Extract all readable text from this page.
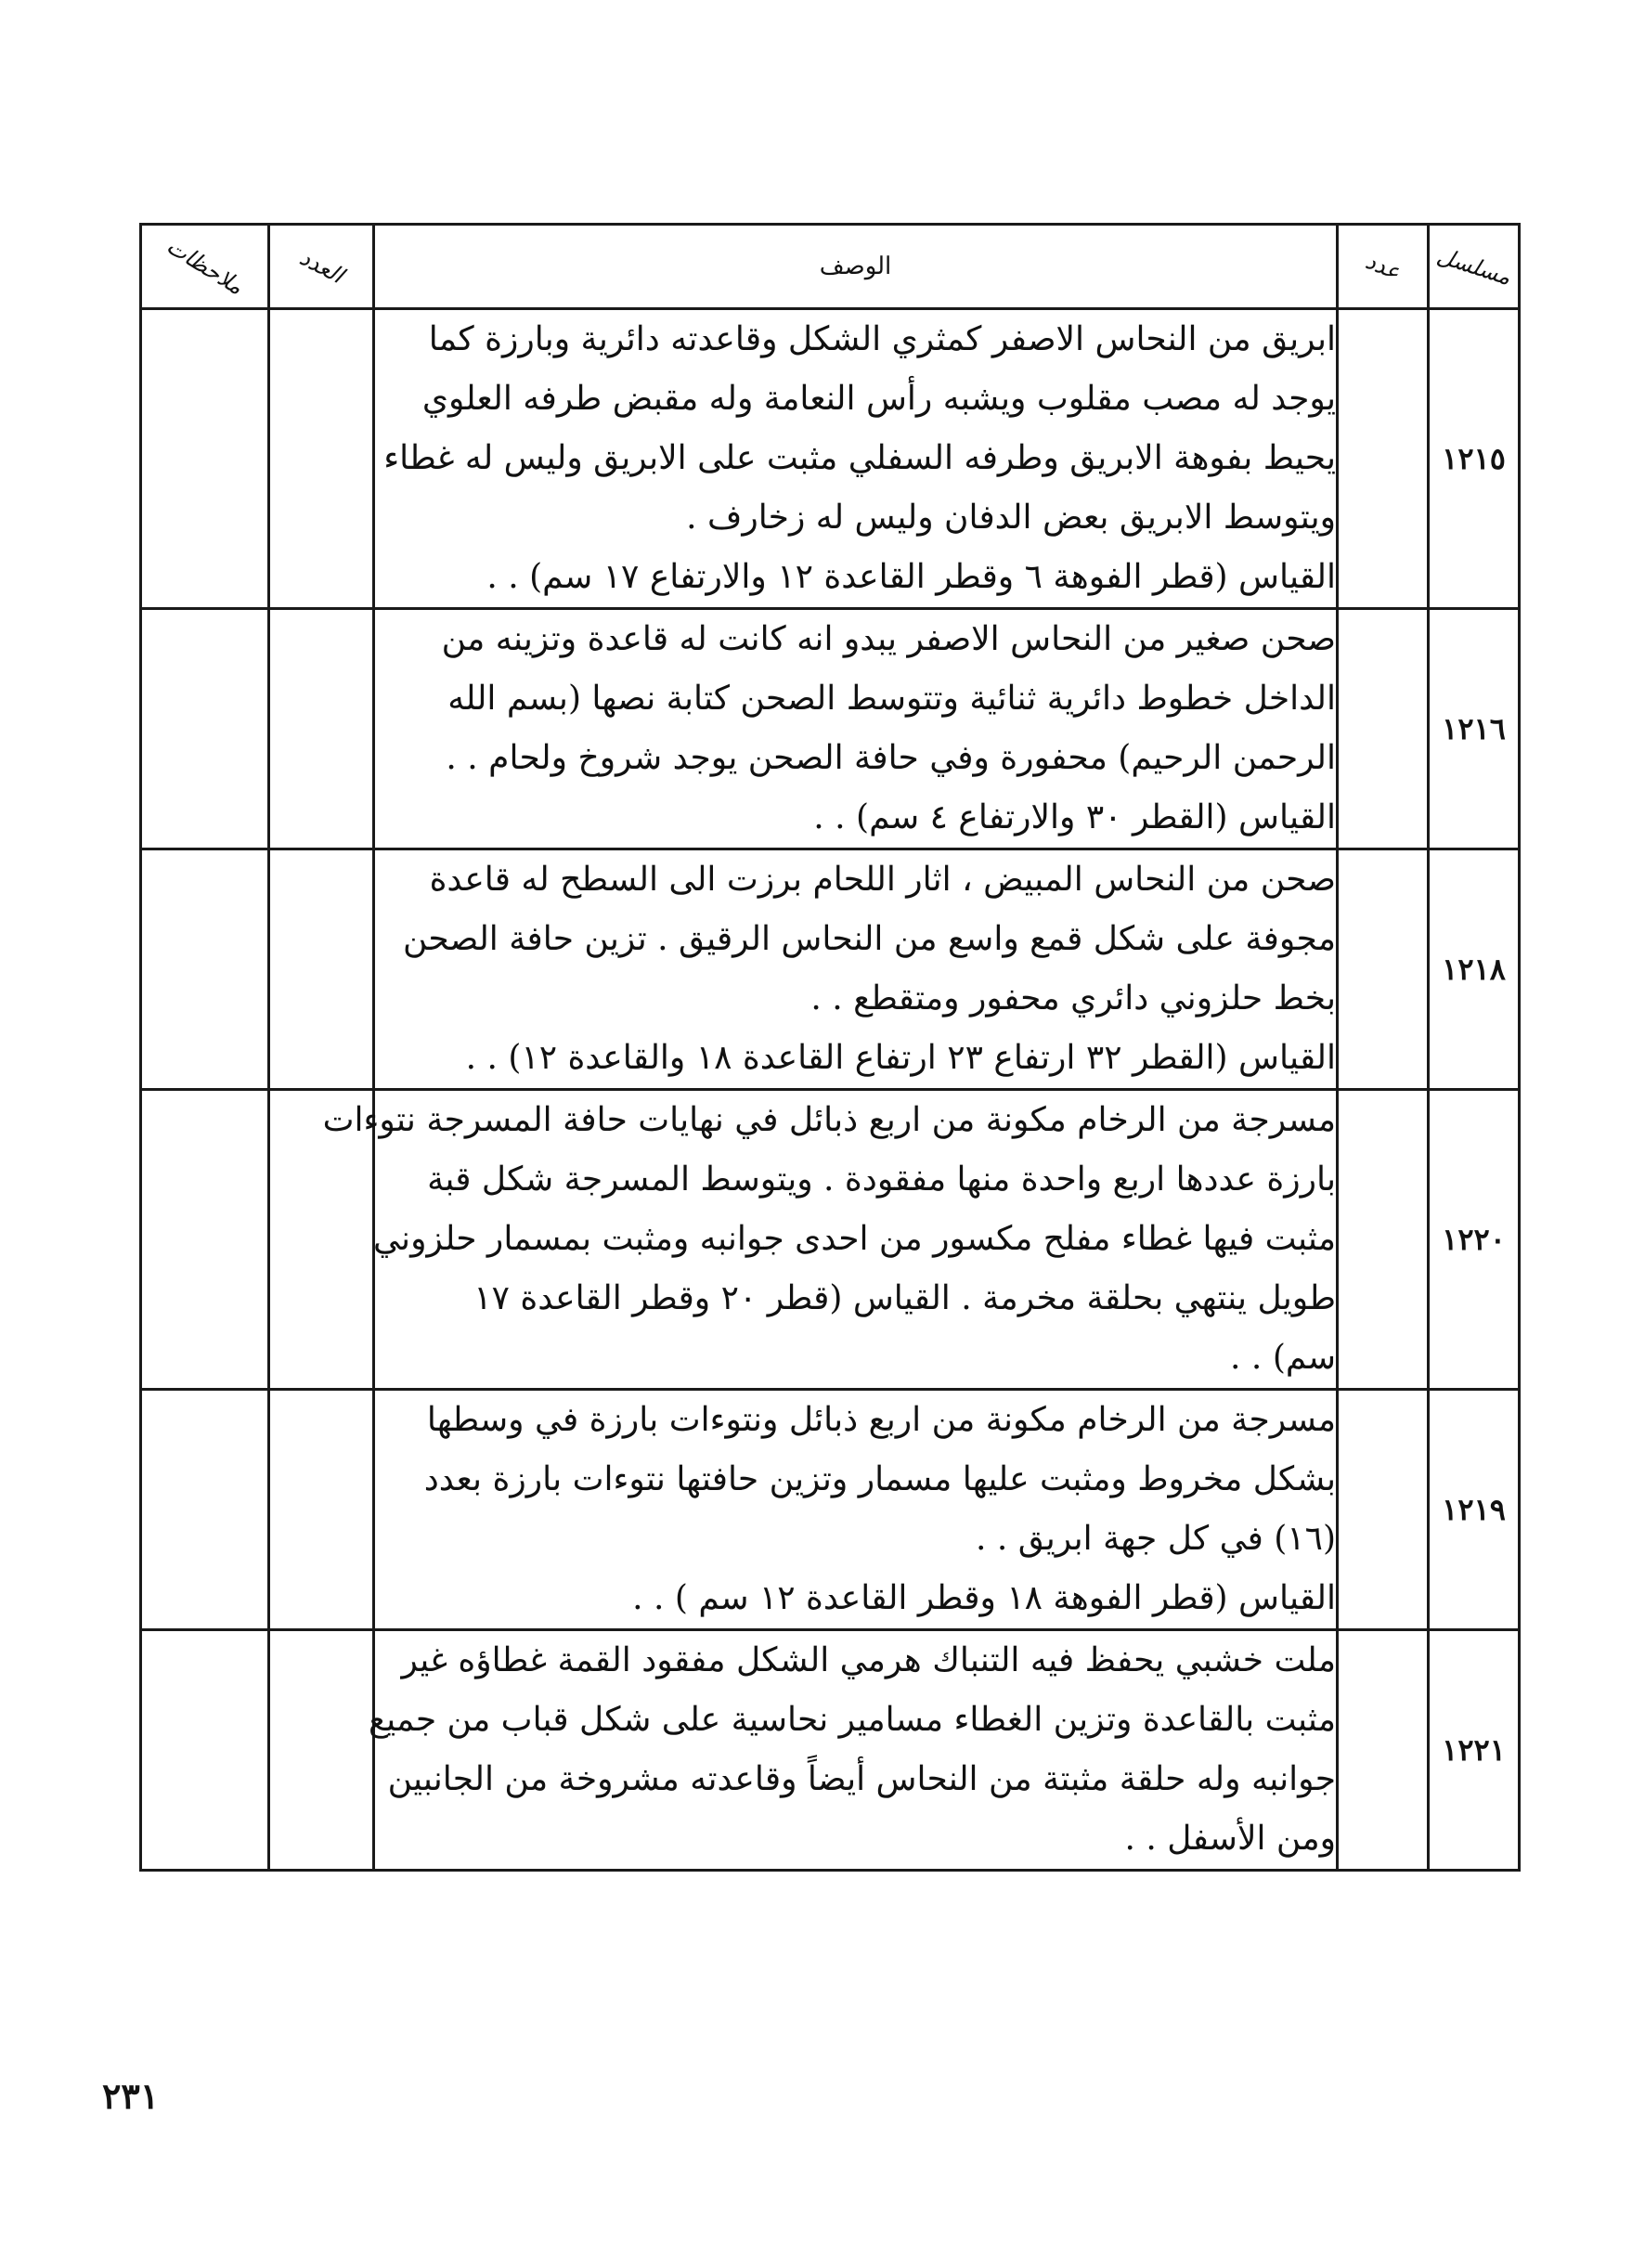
مسلسل	عدد	الوصف	العدد	ملاحظات
١٢١٥		ابريق من النحاس الاصفر كمثري الشكل وقاعدته دائرية وبارزة كما
يوجد له مصب مقلوب ويشبه رأس النعامة وله مقبض طرفه العلوي
يحيط بفوهة الابريق وطرفه السفلي مثبت على الابريق وليس له غطاء
ويتوسط الابريق بعض الدفان وليس له زخارف .
القياس (قطر الفوهة ٦ وقطر القاعدة ١٢ والارتفاع ١٧ سم) . .		

١٢١٦		صحن صغير من النحاس الاصفر يبدو انه كانت له قاعدة وتزينه من
الداخل خطوط دائرية ثنائية وتتوسط الصحن كتابة نصها (بسم الله
الرحمن الرحيم) محفورة وفي حافة الصحن يوجد شروخ ولحام . .
القياس (القطر ٣٠ والارتفاع ٤ سم) . .		

١٢١٨		صحن من النحاس المبيض ، اثار اللحام برزت الى السطح له قاعدة
مجوفة على شكل قمع واسع من النحاس الرقيق . تزين حافة الصحن
بخط حلزوني دائري محفور ومتقطع . .
القياس (القطر ٣٢ ارتفاع ٢٣ ارتفاع القاعدة ١٨ والقاعدة ١٢) . .		

١٢٢٠		مسرجة من الرخام مكونة من اربع ذبائل في نهايات حافة المسرجة نتوءات
بارزة عددها اربع واحدة منها مفقودة . ويتوسط المسرجة شكل قبة
مثبت فيها غطاء مفلح مكسور من احدى جوانبه ومثبت بمسمار حلزوني
طويل ينتهي بحلقة مخرمة . القياس (قطر ٢٠ وقطر القاعدة ١٧
سم) . .		

١٢١٩		مسرجة من الرخام مكونة من اربع ذبائل ونتوءات بارزة في وسطها
بشكل مخروط ومثبت عليها مسمار وتزين حافتها نتوءات بارزة بعدد
(١٦) في كل جهة ابريق . .
القياس (قطر الفوهة ١٨ وقطر القاعدة ١٢ سم ) . .		

١٢٢١		ملت خشبي يحفظ فيه التنباك هرمي الشكل مفقود القمة غطاؤه غير
مثبت بالقاعدة وتزين الغطاء مسامير نحاسية على شكل قباب من جميع
جوانبه وله حلقة مثبتة من النحاس أيضاً وقاعدته مشروخة من الجانبين
ومن الأسفل . .		

٢٣١
